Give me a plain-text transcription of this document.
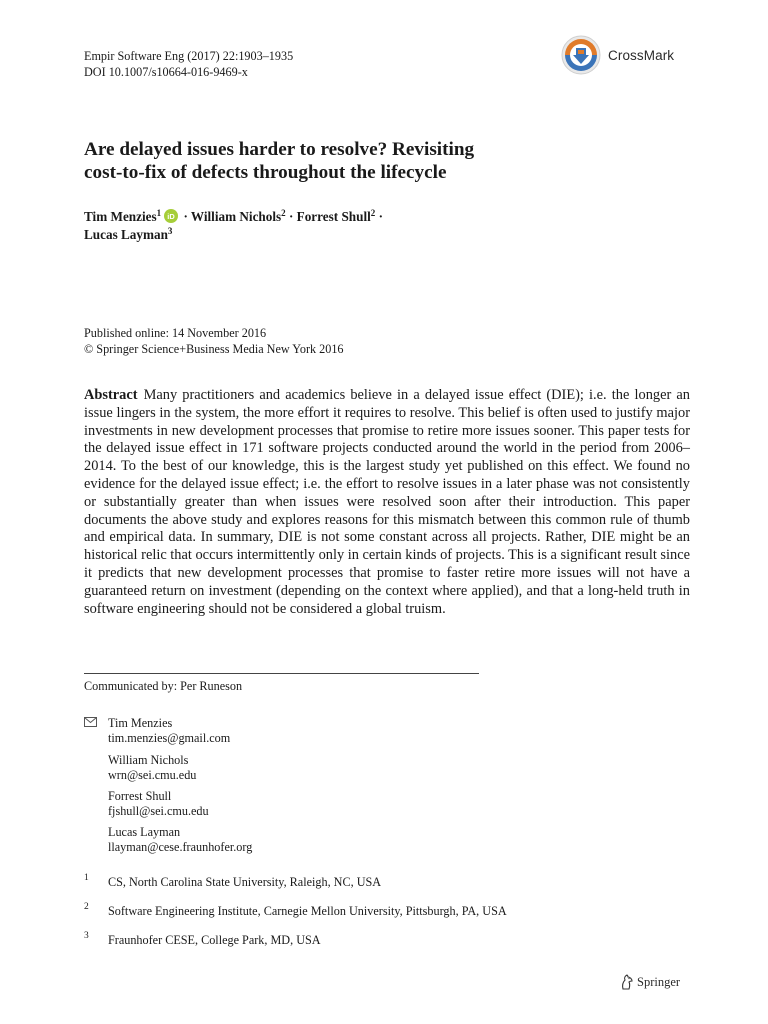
Empir Software Eng (2017) 22:1903–1935
DOI 10.1007/s10664-016-9469-x
CrossMark
Are delayed issues harder to resolve? Revisiting
cost-to-fix of defects throughout the lifecycle
Tim Menzies$^1$ iD · William Nichols$^2$ · Forrest Shull$^2$ ·
Lucas Layman$^3$
Published online: 14 November 2016
© Springer Science+Business Media New York 2016
Abstract Many practitioners and academics believe in a delayed issue effect (DIE); i.e. the longer an issue lingers in the system, the more effort it requires to resolve. This belief is often used to justify major investments in new development processes that promise to retire more issues sooner. This paper tests for the delayed issue effect in 171 software projects conducted around the world in the period from 2006–2014. To the best of our knowledge, this is the largest study yet published on this effect. We found no evidence for the delayed issue effect; i.e. the effort to resolve issues in a later phase was not consistently or substantially greater than when issues were resolved soon after their introduction. This paper documents the above study and explores reasons for this mismatch between this common rule of thumb and empirical data. In summary, DIE is not some constant across all projects. Rather, DIE might be an historical relic that occurs intermittently only in certain kinds of projects. This is a significant result since it predicts that new development processes that promise to faster retire more issues will not have a guaranteed return on investment (depending on the context where applied), and that a long-held truth in software engineering should not be considered a global truism.
Communicated by: Per Runeson
Tim Menzies
tim.menzies@gmail.com
William Nichols
wrn@sei.cmu.edu
Forrest Shull
fjshull@sei.cmu.edu
Lucas Layman
llayman@cese.fraunhofer.org
1 CS, North Carolina State University, Raleigh, NC, USA
2 Software Engineering Institute, Carnegie Mellon University, Pittsburgh, PA, USA
3 Fraunhofer CESE, College Park, MD, USA
Springer
